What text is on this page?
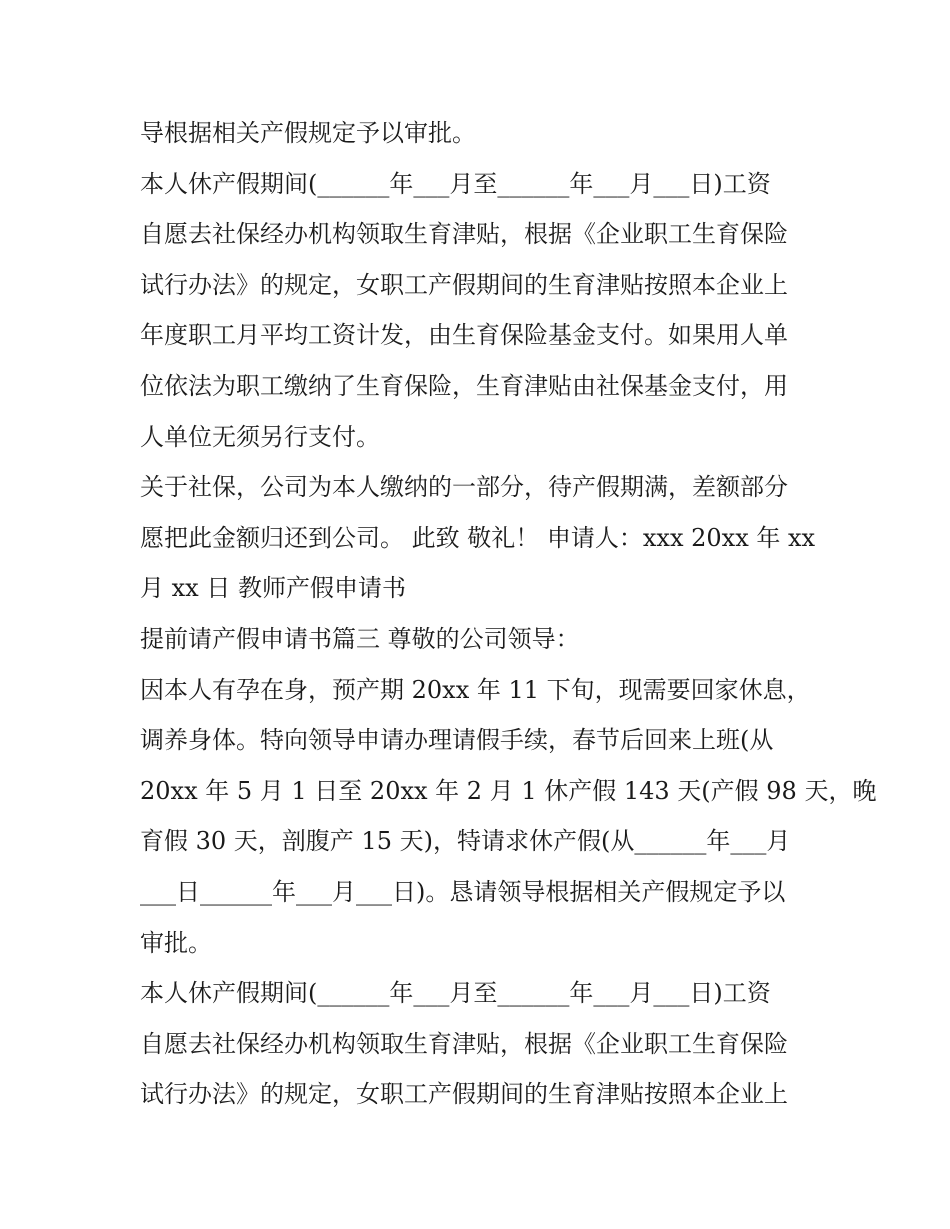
导根据相关产假规定予以审批。
本人休产假期间(______年___月至______年___月___日)工资
自愿去社保经办机构领取生育津贴，根据《企业职工生育保险
试行办法》的规定，女职工产假期间的生育津贴按照本企业上
年度职工月平均工资计发，由生育保险基金支付。如果用人单
位依法为职工缴纳了生育保险，生育津贴由社保基金支付，用
人单位无须另行支付。
关于社保，公司为本人缴纳的一部分，待产假期满，差额部分
愿把此金额归还到公司。 此致 敬礼！ 申请人：xxx 20xx 年 xx
月 xx 日 教师产假申请书
提前请产假申请书篇三 尊敬的公司领导：
因本人有孕在身，预产期 20xx 年 11 下旬，现需要回家休息，
调养身体。特向领导申请办理请假手续，春节后回来上班(从
20xx 年 5 月 1 日至 20xx 年 2 月 1 休产假 143 天(产假 98 天，晚
育假 30 天，剖腹产 15 天)，特请求休产假(从______年___月
___日______年___月___日)。恳请领导根据相关产假规定予以
审批。
本人休产假期间(______年___月至______年___月___日)工资
自愿去社保经办机构领取生育津贴，根据《企业职工生育保险
试行办法》的规定，女职工产假期间的生育津贴按照本企业上
